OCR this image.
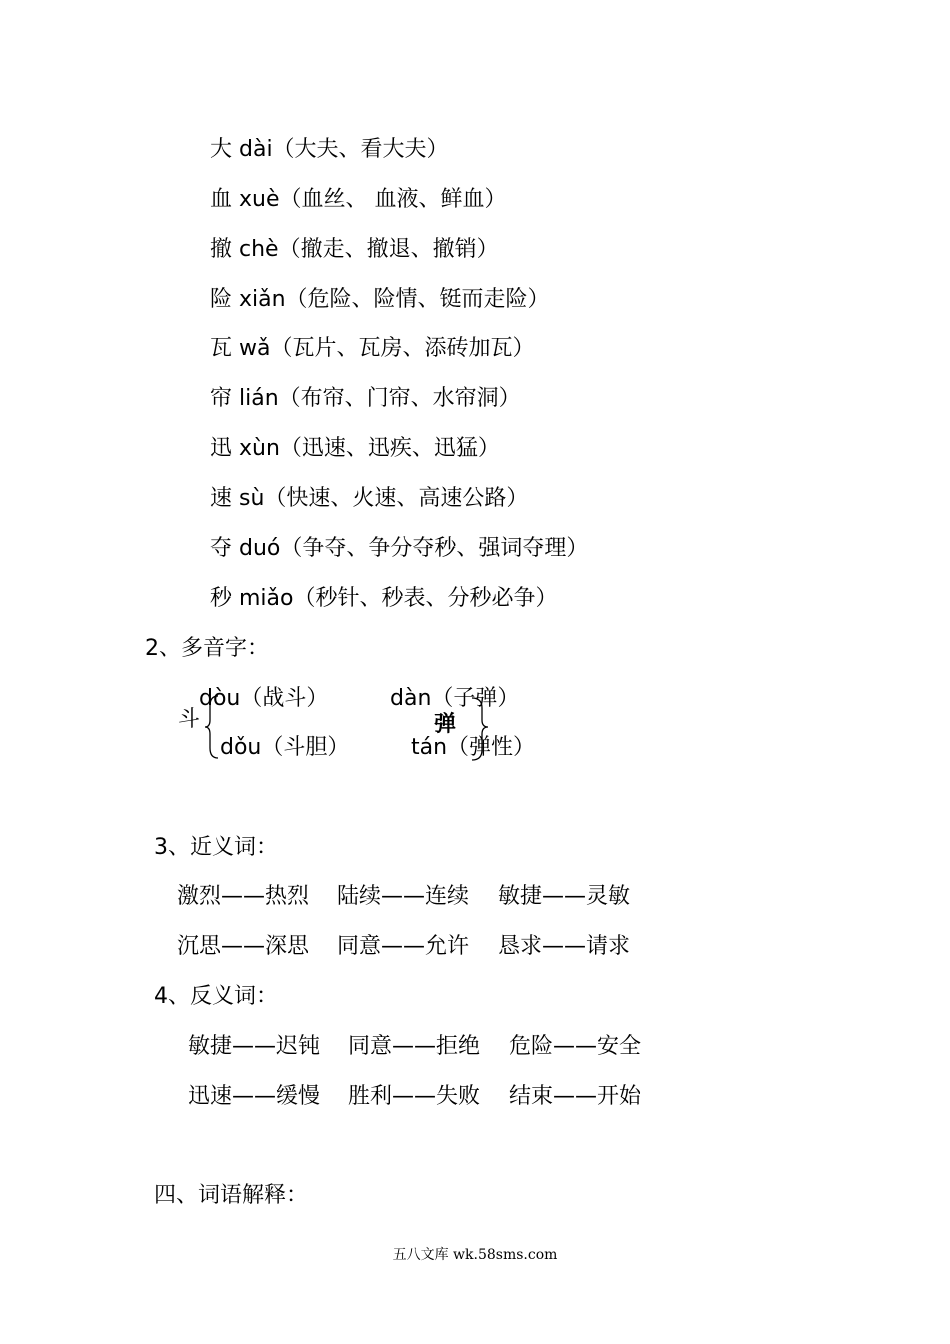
大 dài（大夫、看大夫）
血 xuè（血丝、 血液、鲜血）
撤 chè（撤走、撤退、撤销）
险 xiǎn（危险、险情、铤而走险）
瓦 wǎ（瓦片、瓦房、添砖加瓦）
帘 lián（布帘、门帘、水帘洞）
迅 xùn（迅速、迅疾、迅猛）
速 sù（快速、火速、高速公路）
夺 duó（争夺、争分夺秒、强词夺理）
秒 miǎo（秒针、秒表、分秒必争）
2、多音字：
斗
dòu（战斗）
dǒu（斗胆）
dàn（子弹）
tán（弹性）
弹
3、近义词：
激烈——热烈 陆续——连续 敏捷——灵敏
沉思——深思 同意——允许 恳求——请求
4、反义词：
敏捷——迟钝 同意——拒绝 危险——安全
迅速——缓慢 胜利——失败 结束——开始
四、词语解释：
五八文库 wk.58sms.com
